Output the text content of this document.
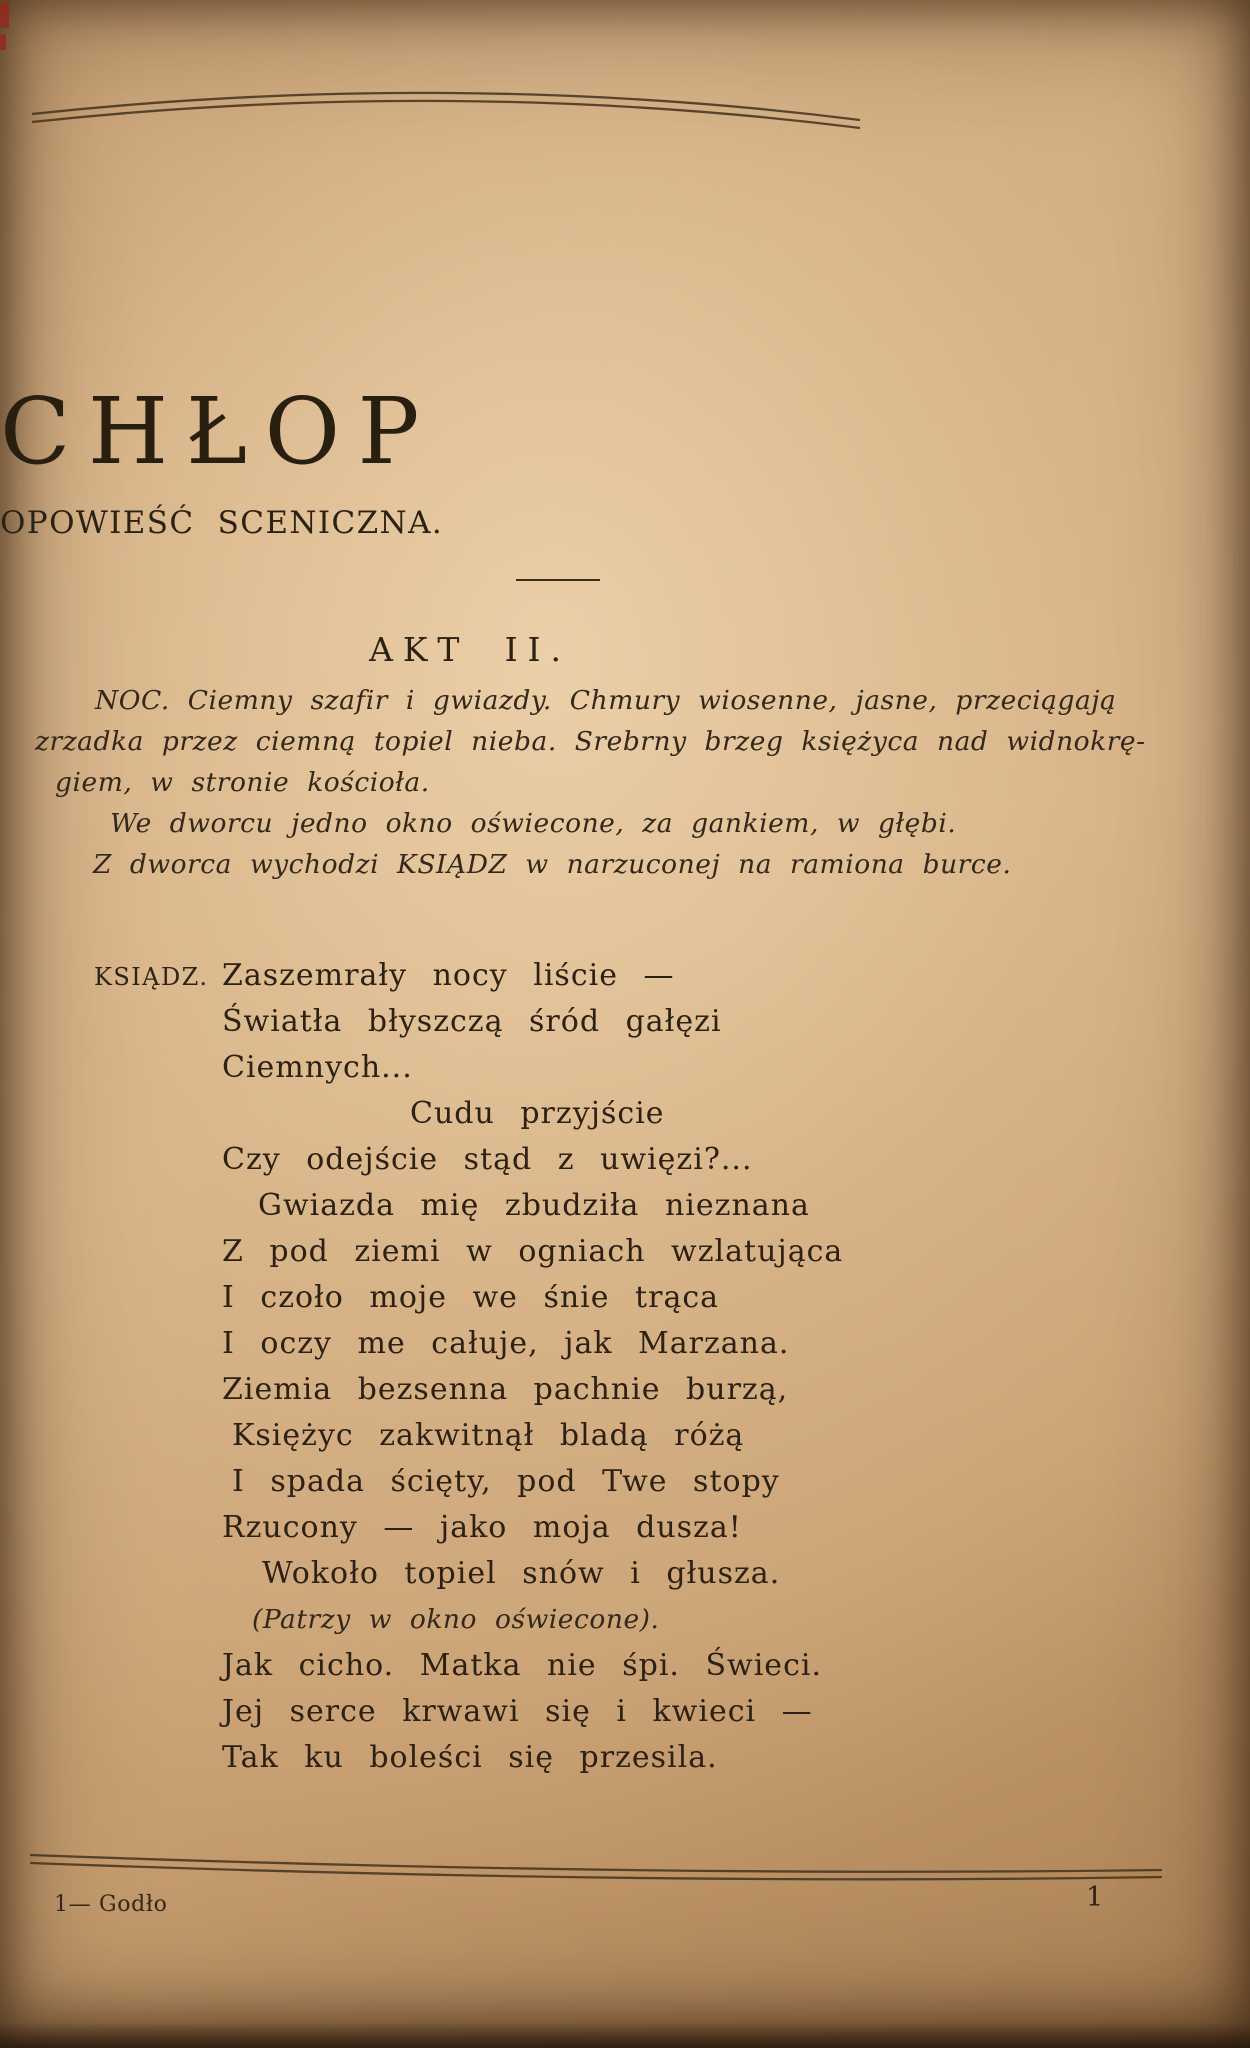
CHŁOP
OPOWIEŚĆ SCENICZNA.
AKT II.
NOC. Ciemny szafir i gwiazdy. Chmury wiosenne, jasne, przeciągają
zrzadka przez ciemną topiel nieba. Srebrny brzeg księżyca nad widnokrę-
giem, w stronie kościoła.
We dworcu jedno okno oświecone, za gankiem, w głębi.
Z dworca wychodzi KSIĄDZ w narzuconej na ramiona burce.
KSIĄDZ. Zaszemrały nocy liście —
Światła błyszczą śród gałęzi
Ciemnych...
Cudu przyjście
Czy odejście stąd z uwięzi?...
Gwiazda mię zbudziła nieznana
Z pod ziemi w ogniach wzlatująca
I czoło moje we śnie trąca
I oczy me całuje, jak Marzana.
Ziemia bezsenna pachnie burzą,
Księżyc zakwitnął bladą różą
I spada ścięty, pod Twe stopy
Rzucony — jako moja dusza!
Wokoło topiel snów i głusza.
(Patrzy w okno oświecone).
Jak cicho. Matka nie śpi. Świeci.
Jej serce krwawi się i kwieci —
Tak ku boleści się przesila.
1— Godło	1
